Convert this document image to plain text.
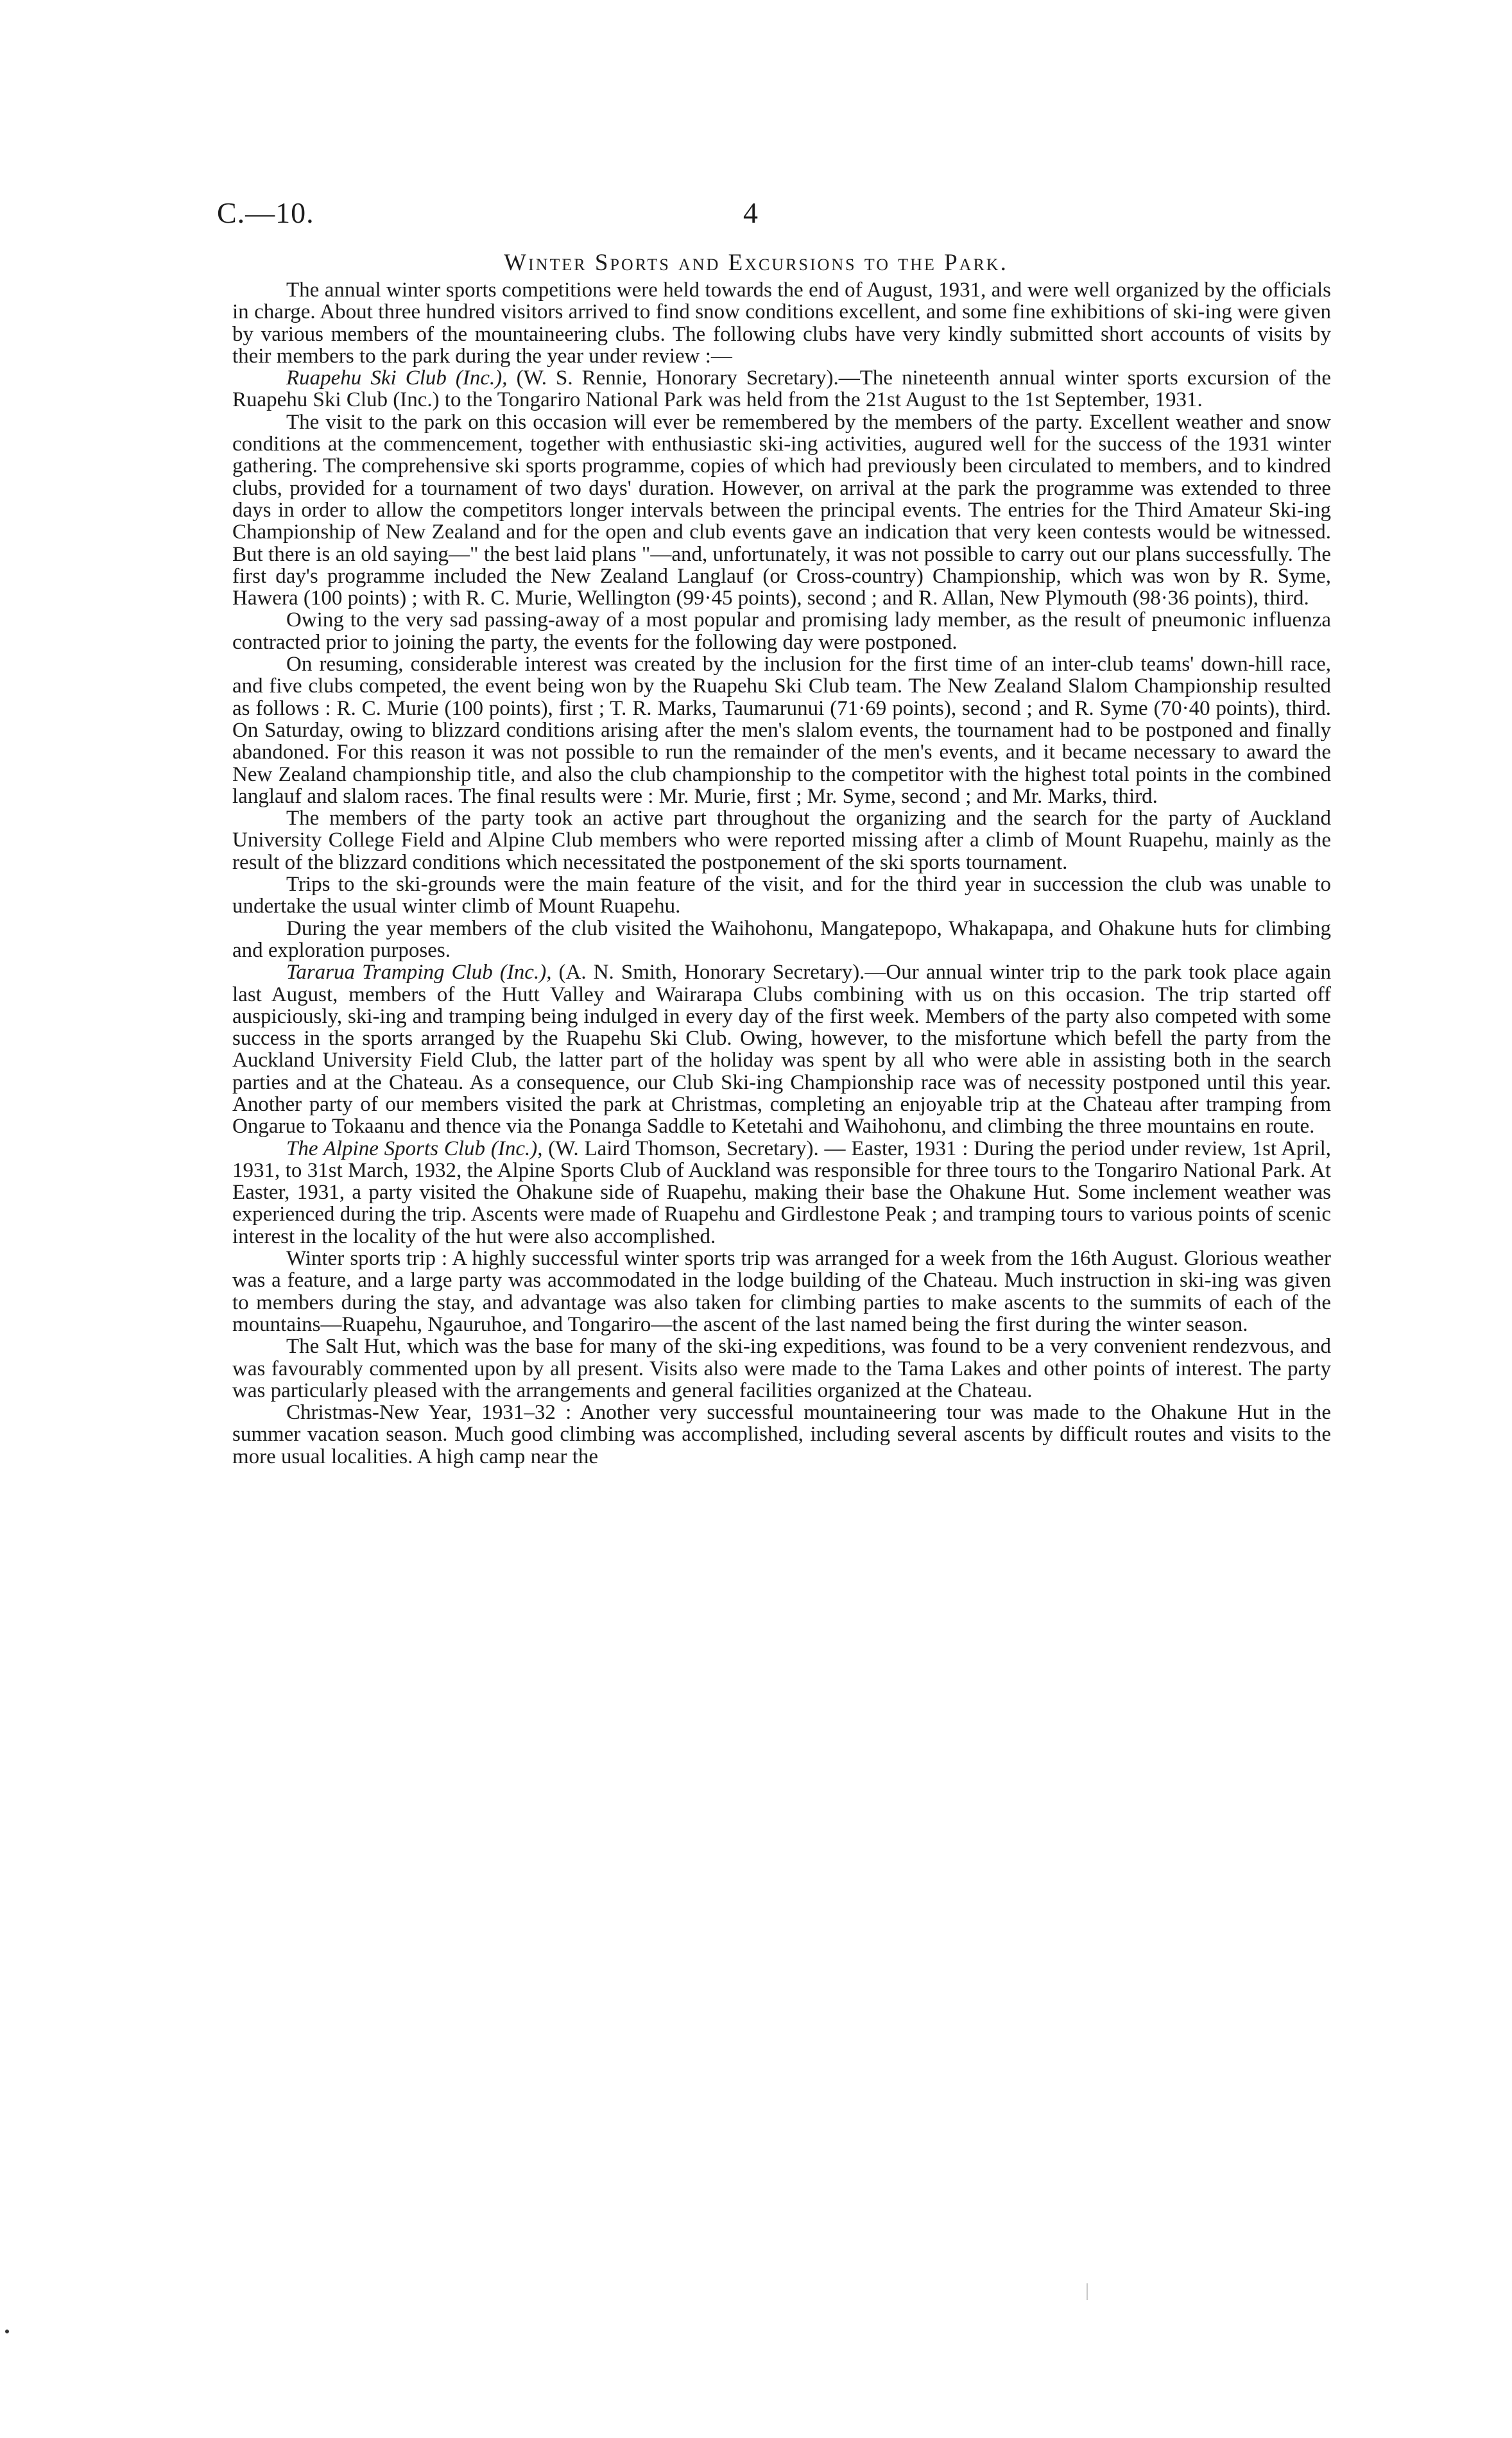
C.—10.	4
Winter Sports and Excursions to the Park.

The annual winter sports competitions were held towards the end of August, 1931, and were well organized by the officials in charge. About three hundred visitors arrived to find snow conditions excellent, and some fine exhibitions of ski-ing were given by various members of the mountaineering clubs. The following clubs have very kindly submitted short accounts of visits by their members to the park during the year under review :—

Ruapehu Ski Club (Inc.), (W. S. Rennie, Honorary Secretary).—The nineteenth annual winter sports excursion of the Ruapehu Ski Club (Inc.) to the Tongariro National Park was held from the 21st August to the 1st September, 1931.

The visit to the park on this occasion will ever be remembered by the members of the party. Excellent weather and snow conditions at the commencement, together with enthusiastic ski-ing activities, augured well for the success of the 1931 winter gathering. The comprehensive ski sports programme, copies of which had previously been circulated to members, and to kindred clubs, provided for a tournament of two days' duration. However, on arrival at the park the programme was extended to three days in order to allow the competitors longer intervals between the principal events. The entries for the Third Amateur Ski-ing Championship of New Zealand and for the open and club events gave an indication that very keen contests would be witnessed. But there is an old saying—" the best laid plans "—and, unfortunately, it was not possible to carry out our plans successfully. The first day's programme included the New Zealand Langlauf (or Cross-country) Championship, which was won by R. Syme, Hawera (100 points) ; with R. C. Murie, Wellington (99·45 points), second ; and R. Allan, New Plymouth (98·36 points), third.

Owing to the very sad passing-away of a most popular and promising lady member, as the result of pneumonic influenza contracted prior to joining the party, the events for the following day were postponed.

On resuming, considerable interest was created by the inclusion for the first time of an inter-club teams' down-hill race, and five clubs competed, the event being won by the Ruapehu Ski Club team. The New Zealand Slalom Championship resulted as follows : R. C. Murie (100 points), first ; T. R. Marks, Taumarunui (71·69 points), second ; and R. Syme (70·40 points), third. On Saturday, owing to blizzard conditions arising after the men's slalom events, the tournament had to be postponed and finally abandoned. For this reason it was not possible to run the remainder of the men's events, and it became necessary to award the New Zealand championship title, and also the club championship to the competitor with the highest total points in the combined langlauf and slalom races. The final results were : Mr. Murie, first ; Mr. Syme, second ; and Mr. Marks, third.

The members of the party took an active part throughout the organizing and the search for the party of Auckland University College Field and Alpine Club members who were reported missing after a climb of Mount Ruapehu, mainly as the result of the blizzard conditions which necessitated the postponement of the ski sports tournament.

Trips to the ski-grounds were the main feature of the visit, and for the third year in succession the club was unable to undertake the usual winter climb of Mount Ruapehu.

During the year members of the club visited the Waihohonu, Mangatepopo, Whakapapa, and Ohakune huts for climbing and exploration purposes.

Tararua Tramping Club (Inc.), (A. N. Smith, Honorary Secretary).—Our annual winter trip to the park took place again last August, members of the Hutt Valley and Wairarapa Clubs combining with us on this occasion. The trip started off auspiciously, ski-ing and tramping being indulged in every day of the first week. Members of the party also competed with some success in the sports arranged by the Ruapehu Ski Club. Owing, however, to the misfortune which befell the party from the Auckland University Field Club, the latter part of the holiday was spent by all who were able in assisting both in the search parties and at the Chateau. As a consequence, our Club Ski-ing Championship race was of necessity postponed until this year. Another party of our members visited the park at Christmas, completing an enjoyable trip at the Chateau after tramping from Ongarue to Tokaanu and thence via the Ponanga Saddle to Ketetahi and Waihohonu, and climbing the three mountains en route.

The Alpine Sports Club (Inc.), (W. Laird Thomson, Secretary). — Easter, 1931 : During the period under review, 1st April, 1931, to 31st March, 1932, the Alpine Sports Club of Auckland was responsible for three tours to the Tongariro National Park. At Easter, 1931, a party visited the Ohakune side of Ruapehu, making their base the Ohakune Hut. Some inclement weather was experienced during the trip. Ascents were made of Ruapehu and Girdlestone Peak ; and tramping tours to various points of scenic interest in the locality of the hut were also accomplished.

Winter sports trip : A highly successful winter sports trip was arranged for a week from the 16th August. Glorious weather was a feature, and a large party was accommodated in the lodge building of the Chateau. Much instruction in ski-ing was given to members during the stay, and advantage was also taken for climbing parties to make ascents to the summits of each of the mountains—Ruapehu, Ngauruhoe, and Tongariro—the ascent of the last named being the first during the winter season.

The Salt Hut, which was the base for many of the ski-ing expeditions, was found to be a very convenient rendezvous, and was favourably commented upon by all present. Visits also were made to the Tama Lakes and other points of interest. The party was particularly pleased with the arrangements and general facilities organized at the Chateau.

Christmas-New Year, 1931–32 : Another very successful mountaineering tour was made to the Ohakune Hut in the summer vacation season. Much good climbing was accomplished, including several ascents by difficult routes and visits to the more usual localities. A high camp near the
